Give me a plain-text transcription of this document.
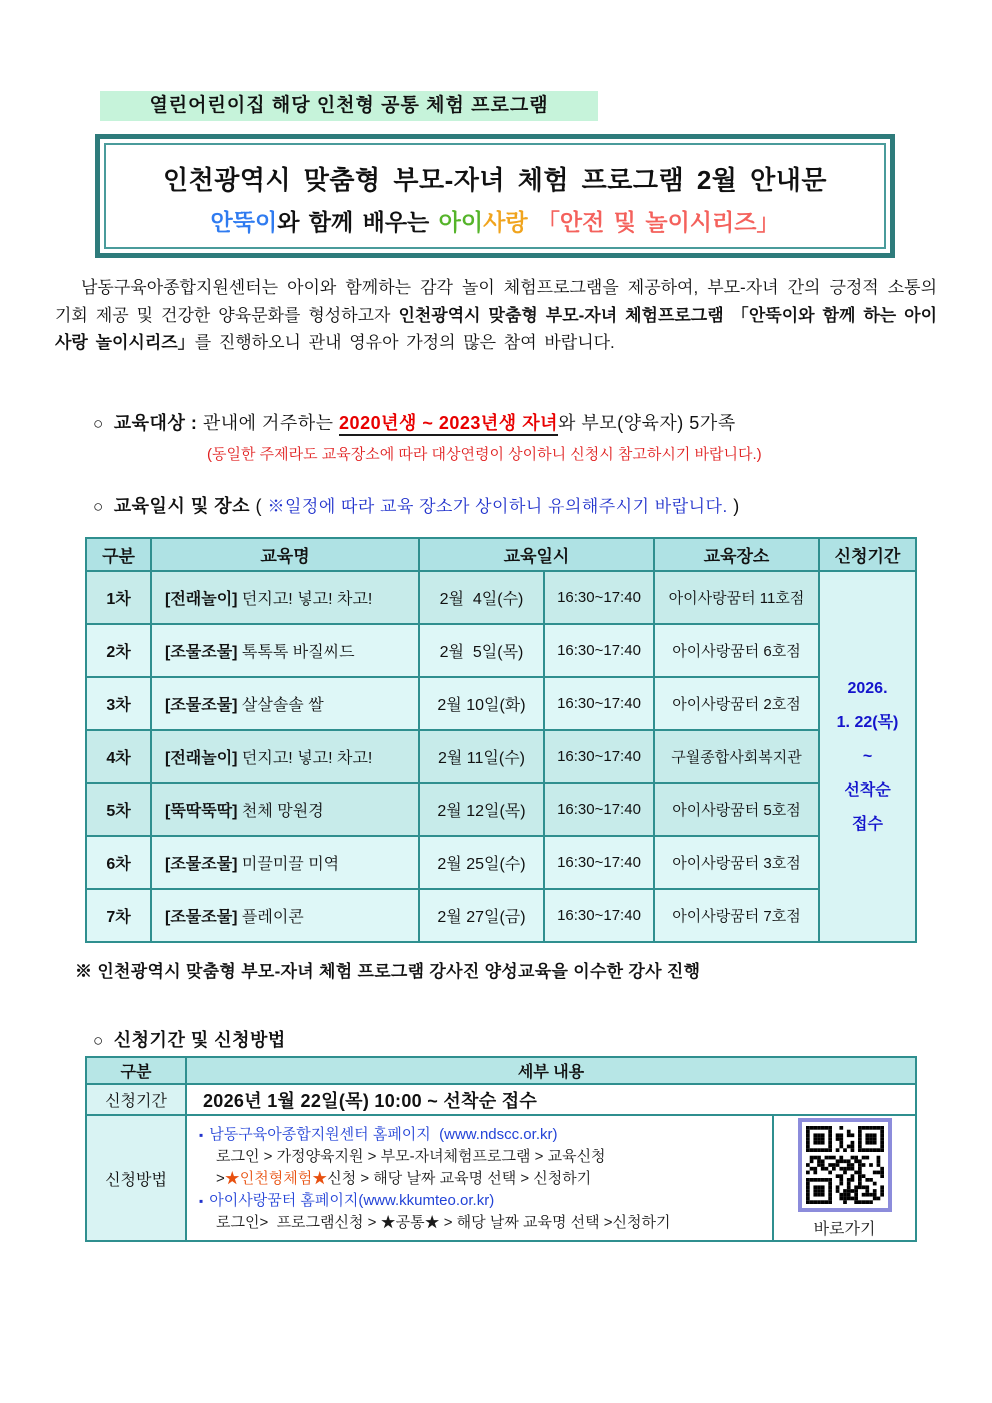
열린어린이집 해당 인천형 공통 체험 프로그램
인천광역시 맞춤형 부모-자녀 체험 프로그램 2월 안내문
안뚝이와 함께 배우는 아이사랑 「안전 및 놀이시리즈」
남동구육아종합지원센터는 아이와 함께하는 감각 놀이 체험프로그램을 제공하여, 부모-자녀 간의 긍정적 소통의 기회 제공 및 건강한 양육문화를 형성하고자 인천광역시 맞춤형 부모-자녀 체험프로그램 「안뚝이와 함께 하는 아이사랑 놀이시리즈」를 진행하오니 관내 영유아 가정의 많은 참여 바랍니다.
○ 교육대상 : 관내에 거주하는 2020년생 ~ 2023년생 자녀와 부모(양육자) 5가족
(동일한 주제라도 교육장소에 따라 대상연령이 상이하니 신청시 참고하시기 바랍니다.)
○ 교육일시 및 장소 ( ※일정에 따라 교육 장소가 상이하니 유의해주시기 바랍니다. )
구분	교육명	교육일시		교육장소	신청기간
1차	[전래놀이] 던지고! 넣고! 차고!	2월  4일(수)	16:30~17:40	아이사랑꿈터 11호점	2026.
1. 22(목)
~
선착순
접수

2차	[조물조물] 톡톡톡 바질씨드	2월  5일(목)	16:30~17:40	아이사랑꿈터 6호점	
3차	[조물조물] 살살솔솔 쌀	2월 10일(화)	16:30~17:40	아이사랑꿈터 2호점	
4차	[전래놀이] 던지고! 넣고! 차고!	2월 11일(수)	16:30~17:40	구월종합사회복지관	
5차	[뚝딱뚝딱] 천체 망원경	2월 12일(목)	16:30~17:40	아이사랑꿈터 5호점	
6차	[조물조물] 미끌미끌 미역	2월 25일(수)	16:30~17:40	아이사랑꿈터 3호점	
7차	[조물조물] 플레이콘	2월 27일(금)	16:30~17:40	아이사랑꿈터 7호점	
※ 인천광역시 맞춤형 부모-자녀 체험 프로그램 강사진 양성교육을 이수한 강사 진행
○ 신청기간 및 신청방법
구분	세부 내용	
신청기간	2026년 1월 22일(목) 10:00 ~ 선착순 접수	
신청방법	▪ 남동구육아종합지원센터 홈페이지  (www.ndscc.or.kr)
로그인 > 가정양육지원 > 부모-자녀체험프로그램 > 교육신청
>★인천형체험★신청 > 해당 날짜 교육명 선택 > 신청하기
▪ 아이사랑꿈터 홈페이지(www.kkumteo.or.kr)
로그인>  프로그램신청 > ★공통★ > 해당 날짜 교육명 선택 >신청하기	바로가기
